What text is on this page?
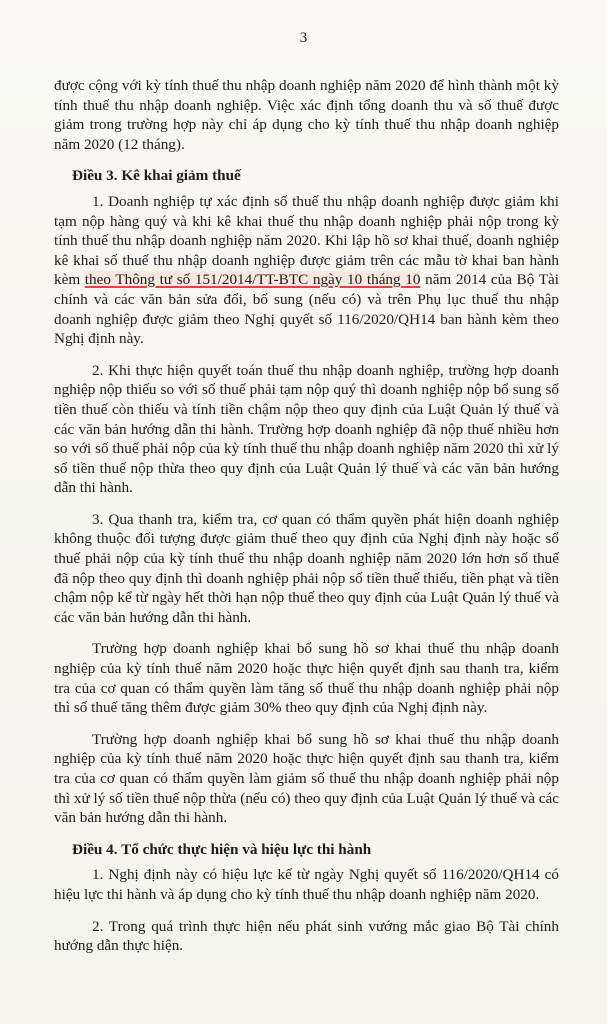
3

được cộng với kỳ tính thuế thu nhập doanh nghiệp năm 2020 để hình thành một kỳ tính thuế thu nhập doanh nghiệp. Việc xác định tổng doanh thu và số thuế được giảm trong trường hợp này chỉ áp dụng cho kỳ tính thuế thu nhập doanh nghiệp năm 2020 (12 tháng).

Điều 3. Kê khai giảm thuế

1. Doanh nghiệp tự xác định số thuế thu nhập doanh nghiệp được giảm khi tạm nộp hàng quý và khi kê khai thuế thu nhập doanh nghiệp phải nộp trong kỳ tính thuế thu nhập doanh nghiệp năm 2020. Khi lập hồ sơ khai thuế, doanh nghiệp kê khai số thuế thu nhập doanh nghiệp được giảm trên các mẫu tờ khai ban hành kèm theo Thông tư số 151/2014/TT-BTC ngày 10 tháng 10 năm 2014 của Bộ Tài chính và các văn bản sửa đổi, bổ sung (nếu có) và trên Phụ lục thuế thu nhập doanh nghiệp được giảm theo Nghị quyết số 116/2020/QH14 ban hành kèm theo Nghị định này.

2. Khi thực hiện quyết toán thuế thu nhập doanh nghiệp, trường hợp doanh nghiệp nộp thiếu so với số thuế phải tạm nộp quý thì doanh nghiệp nộp bổ sung số tiền thuế còn thiếu và tính tiền chậm nộp theo quy định của Luật Quản lý thuế và các văn bản hướng dẫn thi hành. Trường hợp doanh nghiệp đã nộp thuế nhiều hơn so với số thuế phải nộp của kỳ tính thuế thu nhập doanh nghiệp năm 2020 thì xử lý số tiền thuế nộp thừa theo quy định của Luật Quản lý thuế và các văn bản hướng dẫn thi hành.

3. Qua thanh tra, kiểm tra, cơ quan có thẩm quyền phát hiện doanh nghiệp không thuộc đối tượng được giảm thuế theo quy định của Nghị định này hoặc số thuế phải nộp của kỳ tính thuế thu nhập doanh nghiệp năm 2020 lớn hơn số thuế đã nộp theo quy định thì doanh nghiệp phải nộp số tiền thuế thiếu, tiền phạt và tiền chậm nộp kể từ ngày hết thời hạn nộp thuế theo quy định của Luật Quản lý thuế và các văn bản hướng dẫn thi hành.

Trường hợp doanh nghiệp khai bổ sung hồ sơ khai thuế thu nhập doanh nghiệp của kỳ tính thuế năm 2020 hoặc thực hiện quyết định sau thanh tra, kiểm tra của cơ quan có thẩm quyền làm tăng số thuế thu nhập doanh nghiệp phải nộp thì số thuế tăng thêm được giảm 30% theo quy định của Nghị định này.

Trường hợp doanh nghiệp khai bổ sung hồ sơ khai thuế thu nhập doanh nghiệp của kỳ tính thuế năm 2020 hoặc thực hiện quyết định sau thanh tra, kiểm tra của cơ quan có thẩm quyền làm giảm số thuế thu nhập doanh nghiệp phải nộp thì xử lý số tiền thuế nộp thừa (nếu có) theo quy định của Luật Quản lý thuế và các văn bản hướng dẫn thi hành.

Điều 4. Tổ chức thực hiện và hiệu lực thi hành

1. Nghị định này có hiệu lực kể từ ngày Nghị quyết số 116/2020/QH14 có hiệu lực thi hành và áp dụng cho kỳ tính thuế thu nhập doanh nghiệp năm 2020.

2. Trong quá trình thực hiện nếu phát sinh vướng mắc giao Bộ Tài chính hướng dẫn thực hiện.
